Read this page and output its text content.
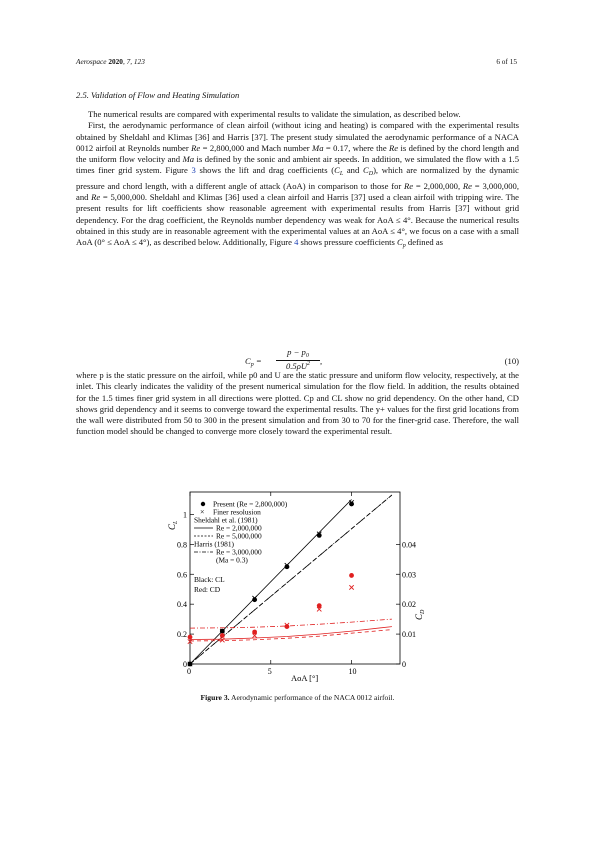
Aerospace 2020, 7, 123	6 of 15
2.5. Validation of Flow and Heating Simulation

The numerical results are compared with experimental results to validate the simulation, as described below.

First, the aerodynamic performance of clean airfoil (without icing and heating) is compared with the experimental results obtained by Sheldahl and Klimas [36] and Harris [37]. The present study simulated the aerodynamic performance of a NACA 0012 airfoil at Reynolds number Re = 2,800,000 and Mach number Ma = 0.17, where the Re is defined by the chord length and the uniform flow velocity and Ma is defined by the sonic and ambient air speeds. In addition, we simulated the flow with a 1.5 times finer grid system. Figure 3 shows the lift and drag coefficients ($C_L$ and $C_D$), which are normalized by the dynamic pressure and chord length, with a different angle of attack (AoA) in comparison to those for Re = 2,000,000, Re = 3,000,000, and Re = 5,000,000. Sheldahl and Klimas [36] used a clean airfoil and Harris [37] used a clean airfoil with tripping wire. The present results for lift coefficients show reasonable agreement with experimental results from Harris [37] without grid dependency. For the drag coefficient, the Reynolds number dependency was weak for AoA ≤ 4°. Because the numerical results obtained in this study are in reasonable agreement with the experimental values at an AoA ≤ 4°, we focus on a case with a small AoA (0° ≤ AoA ≤ 4°), as described below. Additionally, Figure 4 shows pressure coefficients $C_p$ defined as

$C_p = \frac{p - p_0}{0.5\rho U^2}$ ,	(10)

where p is the static pressure on the airfoil, while p0 and U are the static pressure and uniform flow velocity, respectively, at the inlet. This clearly indicates the validity of the present numerical simulation for the flow field. In addition, the results obtained for the 1.5 times finer grid system in all directions were plotted. Cp and CL show no grid dependency. On the other hand, CD shows grid dependency and it seems to converge toward the experimental results. The y+ values for the first grid locations from the wall were distributed from 50 to 300 in the present simulation and from 30 to 70 for the finer-grid case. Therefore, the wall function model should be changed to converge more closely toward the experimental result.

0	5	10
0
0.2
0.4
0.6
0.8
1
0
0.01
0.02
0.03
0.04
AoA [°]
$C_L$
$C_D$
Present (Re = 2,800,000)
× Finer resolusion
Sheldahl et al. (1981)
Re = 2,000,000
Re = 5,000,000
Harris (1981)
Re = 3,000,000
(Ma = 0.3)
Black: CL
Red: CD
Figure 3. Aerodynamic performance of the NACA 0012 airfoil.
